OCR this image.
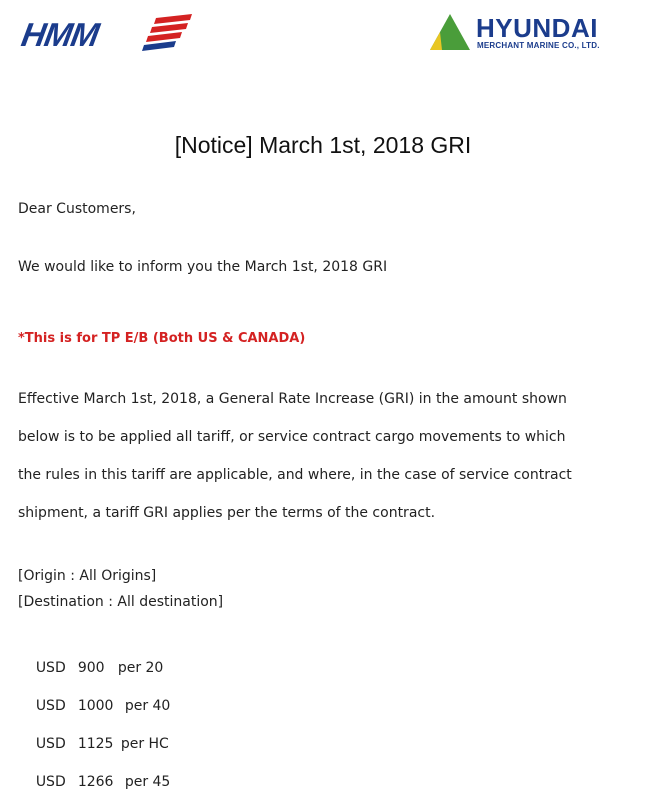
HMM	HYUNDAI
MERCHANT MARINE CO., LTD.
[Notice] March 1st, 2018 GRI

Dear Customers,

We would like to inform you the March 1st, 2018 GRI

*This is for TP E/B (Both US & CANADA)

Effective March 1st, 2018, a General Rate Increase (GRI) in the amount shown

below is to be applied all tariff, or service contract cargo movements to which

the rules in this tariff are applicable, and where, in the case of service contract

shipment, a tariff GRI applies per the terms of the contract.

[Origin : All Origins]

[Destination : All destination]

USD 900 per 20

USD 1000 per 40

USD 1125 per HC

USD 1266 per 45
